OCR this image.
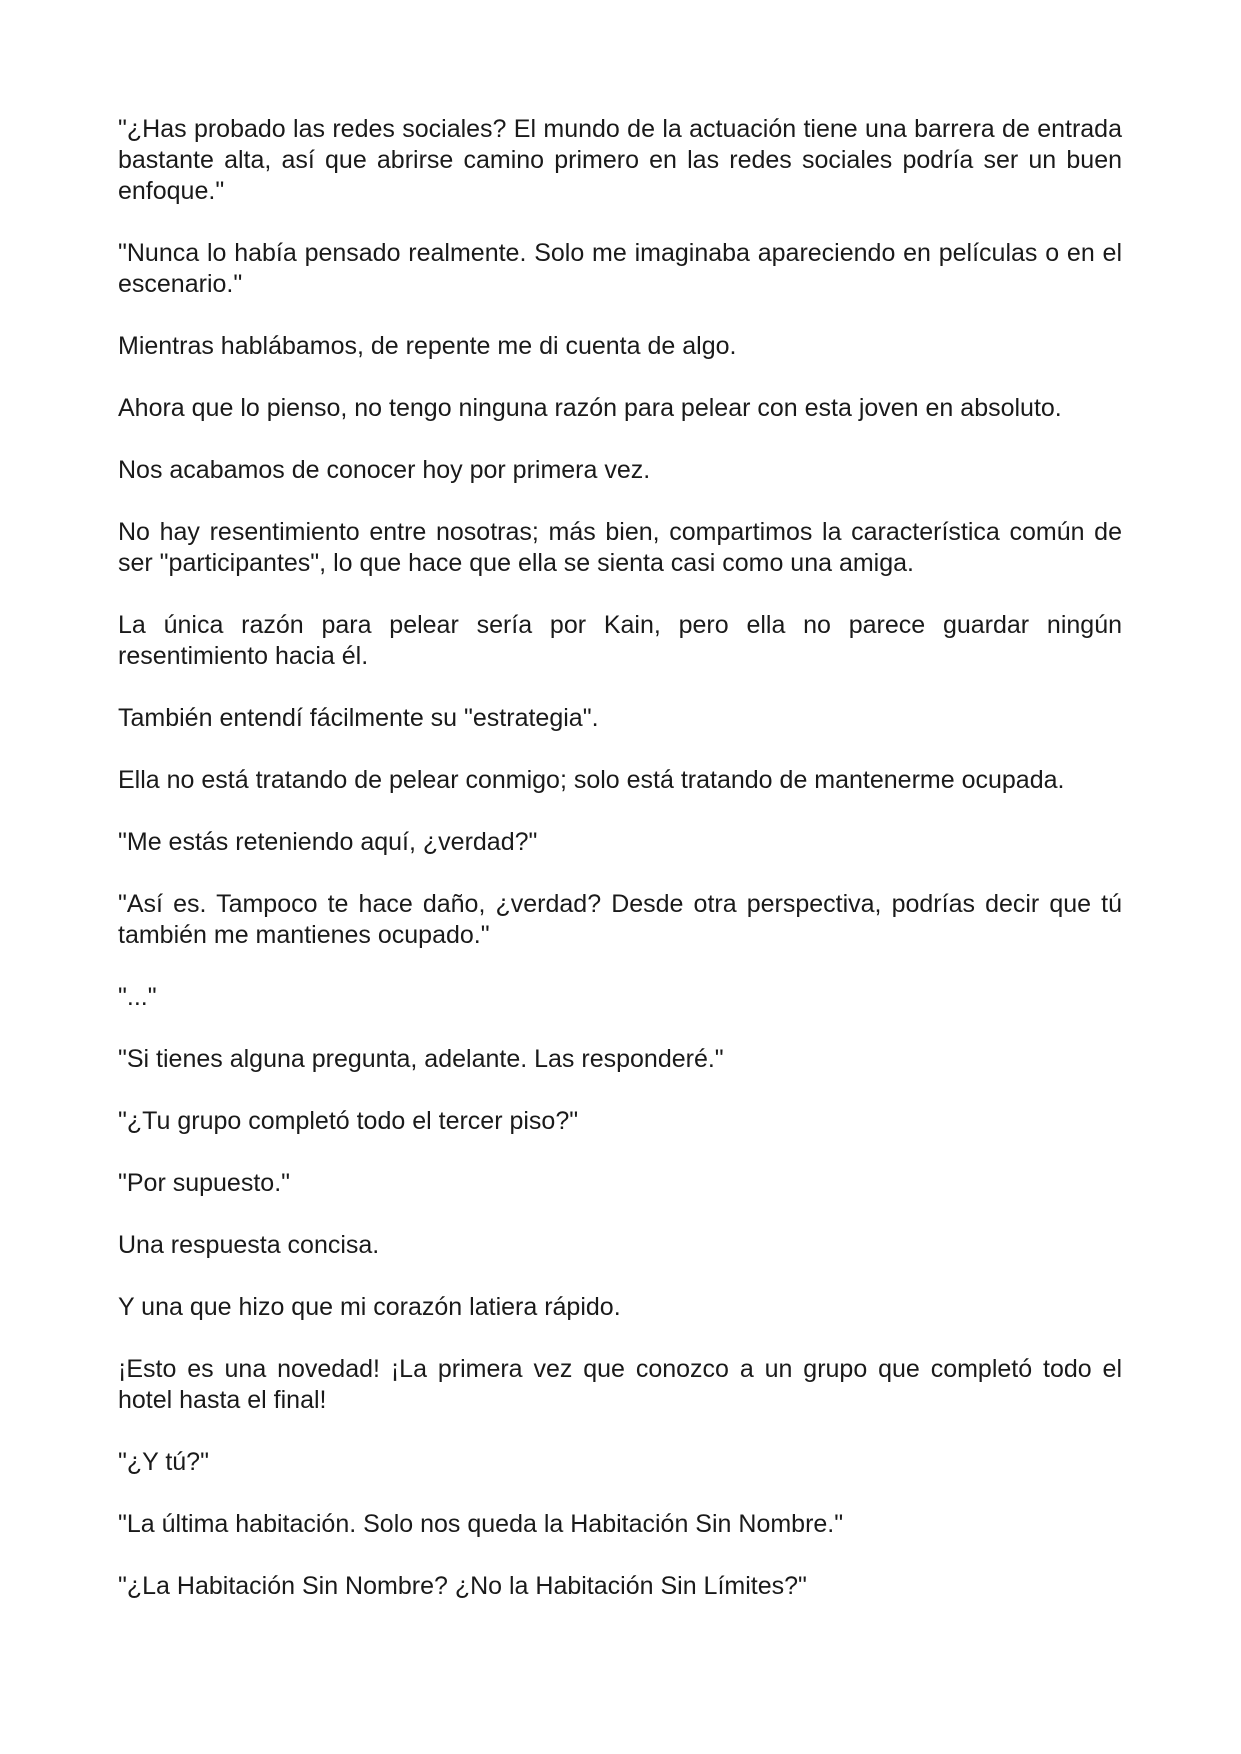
"¿Has probado las redes sociales? El mundo de la actuación tiene una barrera de entrada bastante alta, así que abrirse camino primero en las redes sociales podría ser un buen enfoque."

"Nunca lo había pensado realmente. Solo me imaginaba apareciendo en películas o en el escenario."

Mientras hablábamos, de repente me di cuenta de algo.

Ahora que lo pienso, no tengo ninguna razón para pelear con esta joven en absoluto.

Nos acabamos de conocer hoy por primera vez.

No hay resentimiento entre nosotras; más bien, compartimos la característica común de ser "participantes", lo que hace que ella se sienta casi como una amiga.

La única razón para pelear sería por Kain, pero ella no parece guardar ningún resentimiento hacia él.

También entendí fácilmente su "estrategia".

Ella no está tratando de pelear conmigo; solo está tratando de mantenerme ocupada.

"Me estás reteniendo aquí, ¿verdad?"

"Así es. Tampoco te hace daño, ¿verdad? Desde otra perspectiva, podrías decir que tú también me mantienes ocupado."

"..."

"Si tienes alguna pregunta, adelante. Las responderé."

"¿Tu grupo completó todo el tercer piso?"

"Por supuesto."

Una respuesta concisa.

Y una que hizo que mi corazón latiera rápido.

¡Esto es una novedad! ¡La primera vez que conozco a un grupo que completó todo el hotel hasta el final!

"¿Y tú?"

"La última habitación. Solo nos queda la Habitación Sin Nombre."

"¿La Habitación Sin Nombre? ¿No la Habitación Sin Límites?"
